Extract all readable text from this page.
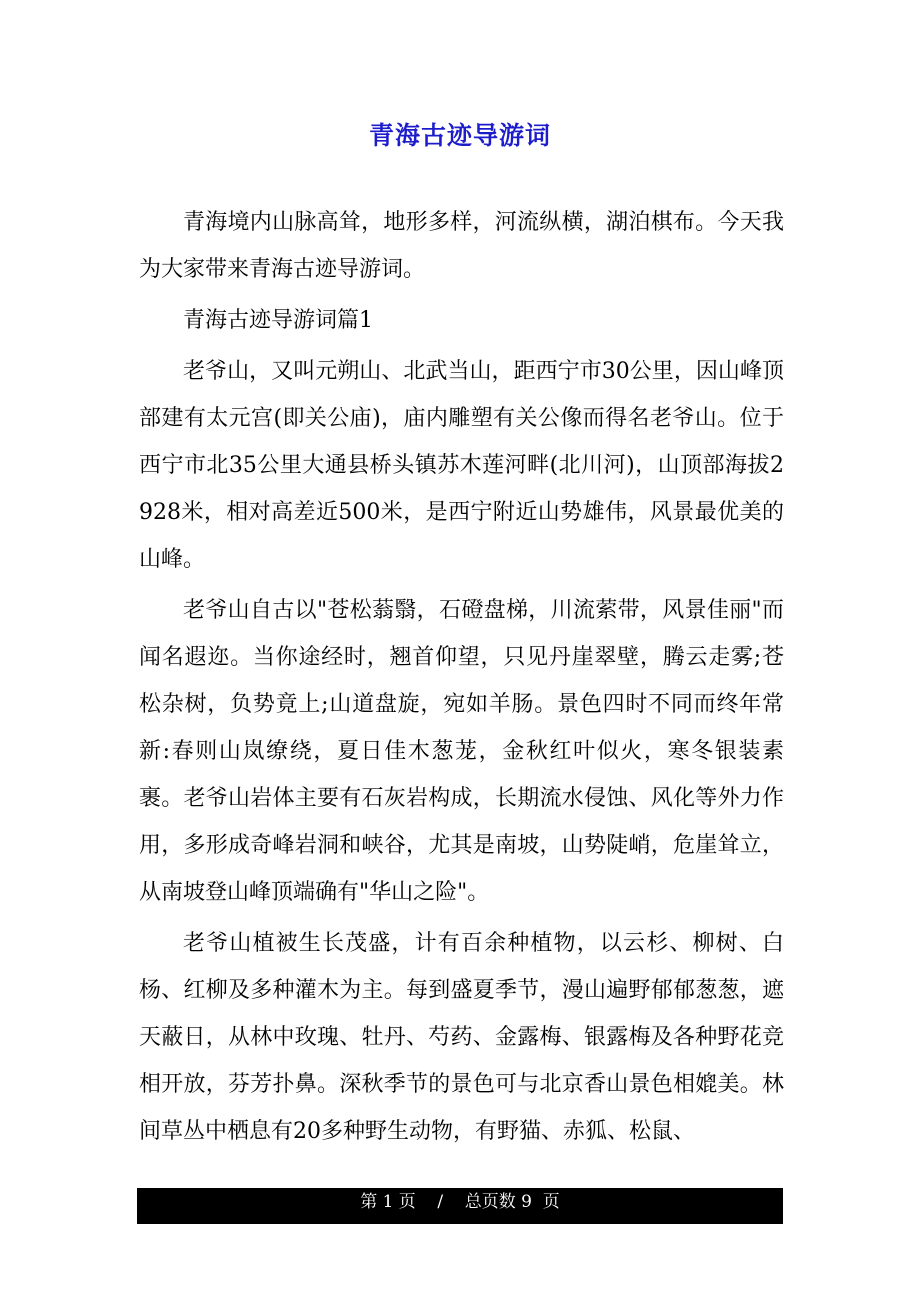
青海古迹导游词

青海境内山脉高耸，地形多样，河流纵横，湖泊棋布。今天我为大家带来青海古迹导游词。

青海古迹导游词篇1

老爷山，又叫元朔山、北武当山，距西宁市30公里，因山峰顶部建有太元宫(即关公庙)，庙内雕塑有关公像而得名老爷山。位于西宁市北35公里大通县桥头镇苏木莲河畔(北川河)，山顶部海拔2928米，相对高差近500米，是西宁附近山势雄伟，风景最优美的山峰。

老爷山自古以"苍松蓊翳，石磴盘梯，川流萦带，风景佳丽"而闻名遐迩。当你途经时，翘首仰望，只见丹崖翠壁，腾云走雾;苍松杂树，负势竟上;山道盘旋，宛如羊肠。景色四时不同而终年常新:春则山岚缭绕，夏日佳木葱茏，金秋红叶似火，寒冬银装素裹。老爷山岩体主要有石灰岩构成，长期流水侵蚀、风化等外力作用，多形成奇峰岩洞和峡谷，尤其是南坡，山势陡峭，危崖耸立，从南坡登山峰顶端确有"华山之险"。

老爷山植被生长茂盛，计有百余种植物，以云杉、柳树、白杨、红柳及多种灌木为主。每到盛夏季节，漫山遍野郁郁葱葱，遮天蔽日，从林中玫瑰、牡丹、芍药、金露梅、银露梅及各种野花竞相开放，芬芳扑鼻。深秋季节的景色可与北京香山景色相媲美。林间草丛中栖息有20多种野生动物，有野猫、赤狐、松鼠、

第 1 页    /    总页数 9  页
